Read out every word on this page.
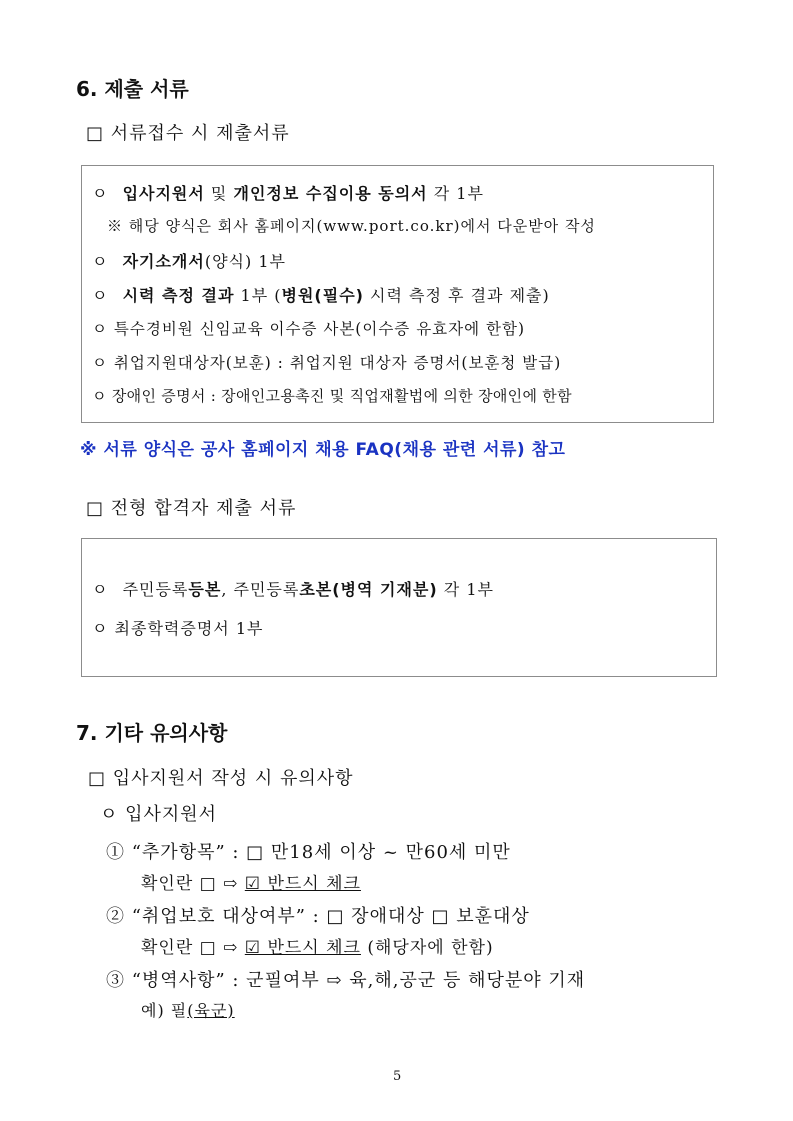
6. 제출 서류
□ 서류접수 시 제출서류
ㅇ 입사지원서 및 개인정보 수집이용 동의서 각 1부
※ 해당 양식은 회사 홈페이지(www.port.co.kr)에서 다운받아 작성
ㅇ 자기소개서(양식) 1부
ㅇ 시력 측정 결과 1부 (병원(필수) 시력 측정 후 결과 제출)
ㅇ 특수경비원 신임교육 이수증 사본(이수증 유효자에 한함)
ㅇ 취업지원대상자(보훈) : 취업지원 대상자 증명서(보훈청 발급)
ㅇ 장애인 증명서 : 장애인고용촉진 및 직업재활법에 의한 장애인에 한함
※ 서류 양식은 공사 홈페이지 채용 FAQ(채용 관련 서류) 참고
□ 전형 합격자 제출 서류
ㅇ 주민등록등본, 주민등록초본(병역 기재분) 각 1부
ㅇ 최종학력증명서 1부
7. 기타 유의사항
□ 입사지원서 작성 시 유의사항
ㅇ 입사지원서
① “추가항목” : □ 만18세 이상 ~ 만60세 미만
확인란 □ ⇨ ☑ 반드시 체크
② “취업보호 대상여부” : □ 장애대상 □ 보훈대상
확인란 □ ⇨ ☑ 반드시 체크 (해당자에 한함)
③ “병역사항” : 군필여부 ⇨ 육,해,공군 등 해당분야 기재
예) 필(육군)
5
